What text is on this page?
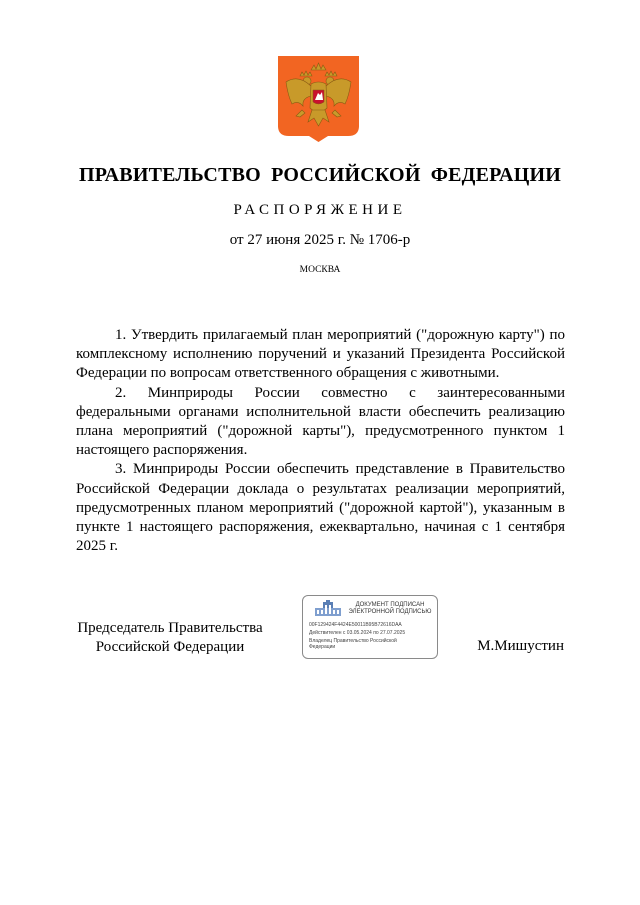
ПРАВИТЕЛЬСТВО РОССИЙСКОЙ ФЕДЕРАЦИИ
РАСПОРЯЖЕНИЕ
от 27 июня 2025 г. № 1706-р
МОСКВА

1. Утвердить прилагаемый план мероприятий ("дорожную карту") по комплексному исполнению поручений и указаний Президента Российской Федерации по вопросам ответственного обращения с животными.

2. Минприроды России совместно с заинтересованными федеральными органами исполнительной власти обеспечить реализацию плана мероприятий ("дорожной карты"), предусмотренного пунктом 1 настоящего распоряжения.

3. Минприроды России обеспечить представление в Правительство Российской Федерации доклада о результатах реализации мероприятий, предусмотренных планом мероприятий ("дорожной картой"), указанным в пункте 1 настоящего распоряжения, ежеквартально, начиная с 1 сентября 2025 г.

Председатель Правительства
Российской Федерации
ДОКУМЕНТ ПОДПИСАН
ЭЛЕКТРОННОЙ ПОДПИСЬЮ
00F129424F4424E50011B95B72616DAA
Действителен с 03.05.2024 по 27.07.2025
Владелец Правительство Российской
Федерации	М.Мишустин
